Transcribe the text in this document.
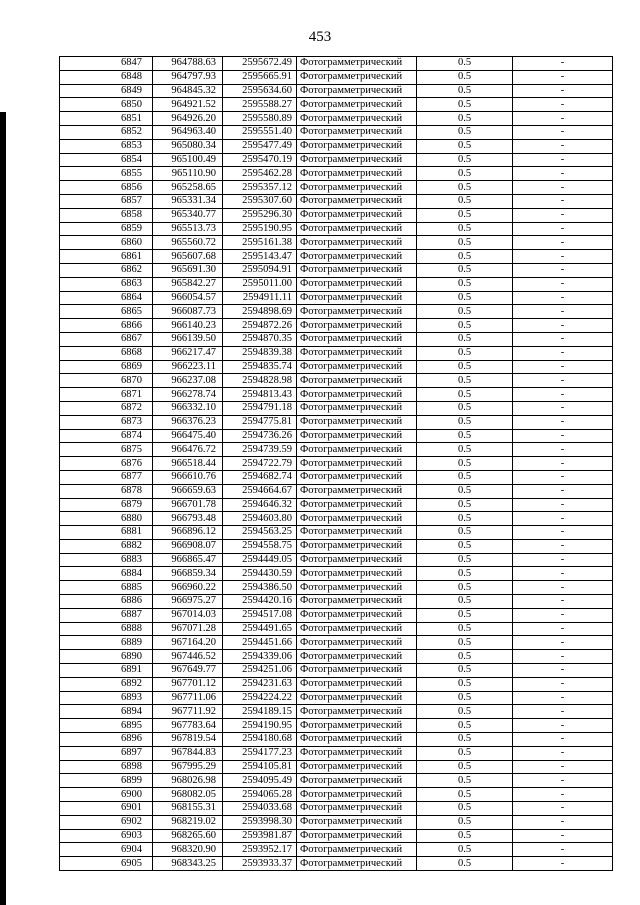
453
6847	964788.63	2595672.49	Фотограмметрический	0.5	-
6848	964797.93	2595665.91	Фотограмметрический	0.5	-
6849	964845.32	2595634.60	Фотограмметрический	0.5	-
6850	964921.52	2595588.27	Фотограмметрический	0.5	-
6851	964926.20	2595580.89	Фотограмметрический	0.5	-
6852	964963.40	2595551.40	Фотограмметрический	0.5	-
6853	965080.34	2595477.49	Фотограмметрический	0.5	-
6854	965100.49	2595470.19	Фотограмметрический	0.5	-
6855	965110.90	2595462.28	Фотограмметрический	0.5	-
6856	965258.65	2595357.12	Фотограмметрический	0.5	-
6857	965331.34	2595307.60	Фотограмметрический	0.5	-
6858	965340.77	2595296.30	Фотограмметрический	0.5	-
6859	965513.73	2595190.95	Фотограмметрический	0.5	-
6860	965560.72	2595161.38	Фотограмметрический	0.5	-
6861	965607.68	2595143.47	Фотограмметрический	0.5	-
6862	965691.30	2595094.91	Фотограмметрический	0.5	-
6863	965842.27	2595011.00	Фотограмметрический	0.5	-
6864	966054.57	2594911.11	Фотограмметрический	0.5	-
6865	966087.73	2594898.69	Фотограмметрический	0.5	-
6866	966140.23	2594872.26	Фотограмметрический	0.5	-
6867	966139.50	2594870.35	Фотограмметрический	0.5	-
6868	966217.47	2594839.38	Фотограмметрический	0.5	-
6869	966223.11	2594835.74	Фотограмметрический	0.5	-
6870	966237.08	2594828.98	Фотограмметрический	0.5	-
6871	966278.74	2594813.43	Фотограмметрический	0.5	-
6872	966332.10	2594791.18	Фотограмметрический	0.5	-
6873	966376.23	2594775.81	Фотограмметрический	0.5	-
6874	966475.40	2594736.26	Фотограмметрический	0.5	-
6875	966476.72	2594739.59	Фотограмметрический	0.5	-
6876	966518.44	2594722.79	Фотограмметрический	0.5	-
6877	966610.76	2594682.74	Фотограмметрический	0.5	-
6878	966659.63	2594664.67	Фотограмметрический	0.5	-
6879	966701.78	2594646.32	Фотограмметрический	0.5	-
6880	966793.48	2594603.80	Фотограмметрический	0.5	-
6881	966896.12	2594563.25	Фотограмметрический	0.5	-
6882	966908.07	2594558.75	Фотограмметрический	0.5	-
6883	966865.47	2594449.05	Фотограмметрический	0.5	-
6884	966859.34	2594430.59	Фотограмметрический	0.5	-
6885	966960.22	2594386.50	Фотограмметрический	0.5	-
6886	966975.27	2594420.16	Фотограмметрический	0.5	-
6887	967014.03	2594517.08	Фотограмметрический	0.5	-
6888	967071.28	2594491.65	Фотограмметрический	0.5	-
6889	967164.20	2594451.66	Фотограмметрический	0.5	-
6890	967446.52	2594339.06	Фотограмметрический	0.5	-
6891	967649.77	2594251.06	Фотограмметрический	0.5	-
6892	967701.12	2594231.63	Фотограмметрический	0.5	-
6893	967711.06	2594224.22	Фотограмметрический	0.5	-
6894	967711.92	2594189.15	Фотограмметрический	0.5	-
6895	967783.64	2594190.95	Фотограмметрический	0.5	-
6896	967819.54	2594180.68	Фотограмметрический	0.5	-
6897	967844.83	2594177.23	Фотограмметрический	0.5	-
6898	967995.29	2594105.81	Фотограмметрический	0.5	-
6899	968026.98	2594095.49	Фотограмметрический	0.5	-
6900	968082.05	2594065.28	Фотограмметрический	0.5	-
6901	968155.31	2594033.68	Фотограмметрический	0.5	-
6902	968219.02	2593998.30	Фотограмметрический	0.5	-
6903	968265.60	2593981.87	Фотограмметрический	0.5	-
6904	968320.90	2593952.17	Фотограмметрический	0.5	-
6905	968343.25	2593933.37	Фотограмметрический	0.5	-
